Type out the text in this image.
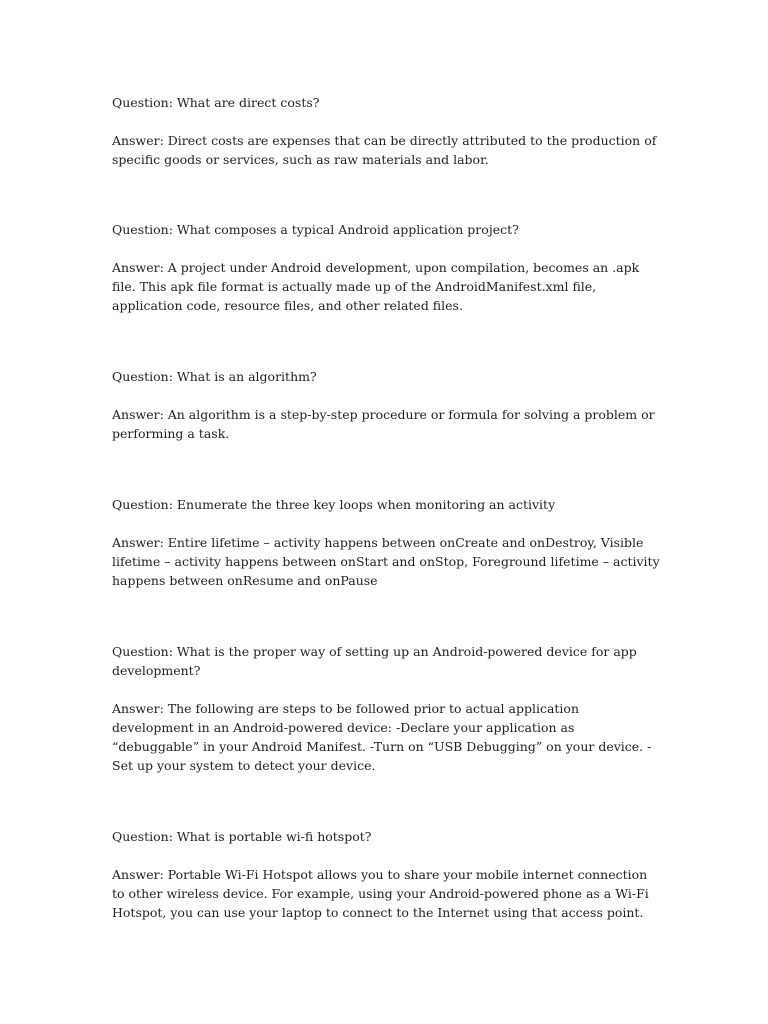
Question: What are direct costs?

Answer: Direct costs are expenses that can be directly attributed to the production of specific goods or services, such as raw materials and labor.

Question: What composes a typical Android application project?

Answer: A project under Android development, upon compilation, becomes an .apk file. This apk file format is actually made up of the AndroidManifest.xml file, application code, resource files, and other related files.

Question: What is an algorithm?

Answer: An algorithm is a step-by-step procedure or formula for solving a problem or performing a task.

Question: Enumerate the three key loops when monitoring an activity

Answer: Entire lifetime – activity happens between onCreate and onDestroy, Visible lifetime – activity happens between onStart and onStop, Foreground lifetime – activity happens between onResume and onPause

Question: What is the proper way of setting up an Android-powered device for app development?

Answer: The following are steps to be followed prior to actual application development in an Android-powered device: -Declare your application as “debuggable” in your Android Manifest. -Turn on “USB Debugging” on your device. -Set up your system to detect your device.

Question: What is portable wi-fi hotspot?

Answer: Portable Wi-Fi Hotspot allows you to share your mobile internet connection to other wireless device. For example, using your Android-powered phone as a Wi-Fi Hotspot, you can use your laptop to connect to the Internet using that access point.
